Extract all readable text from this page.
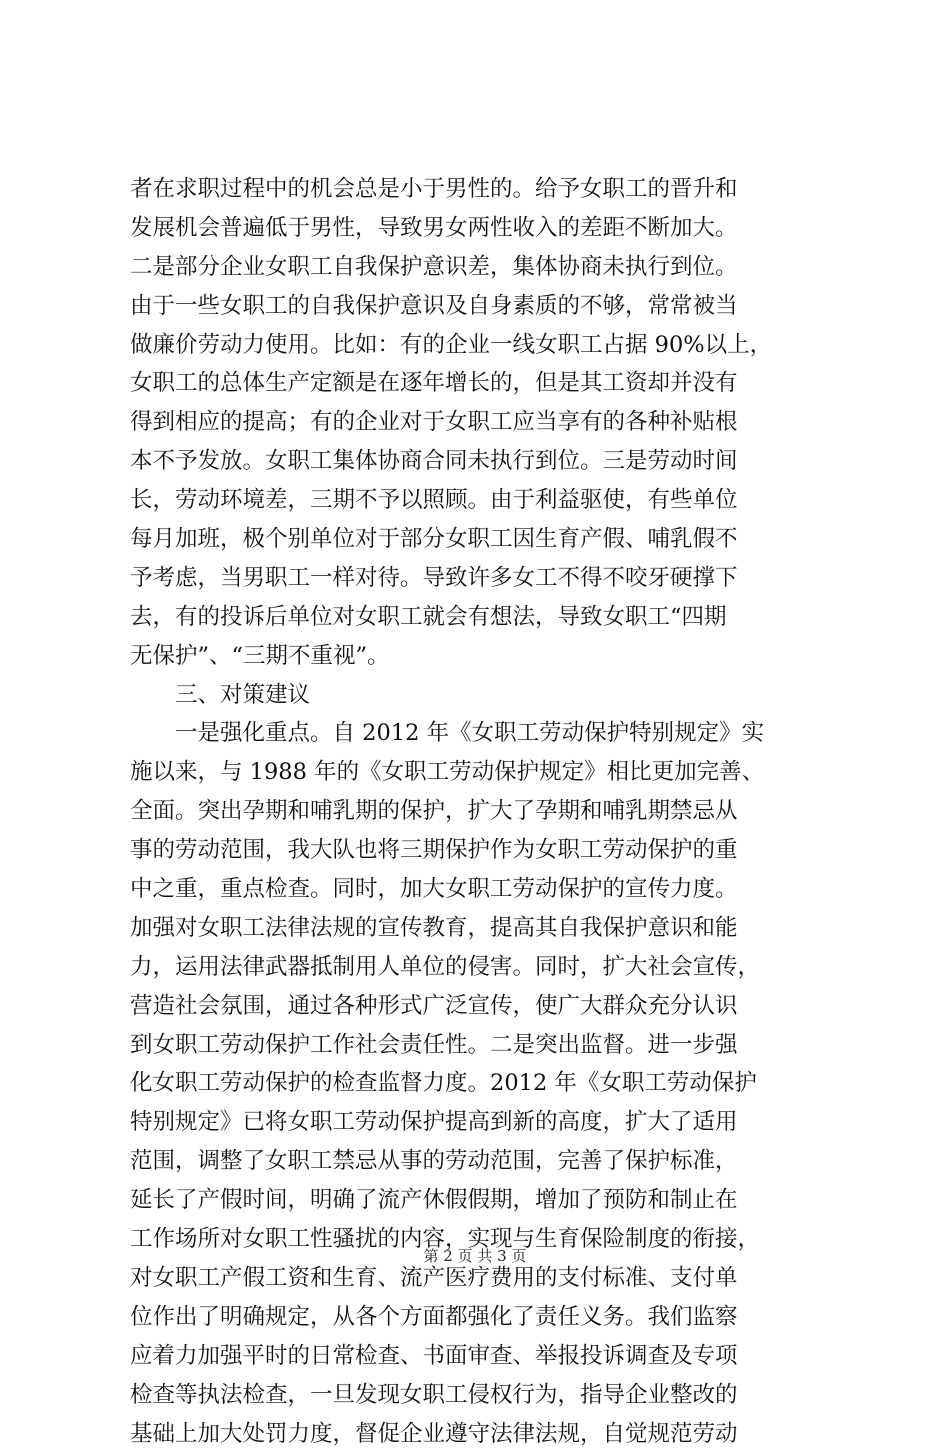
者在求职过程中的机会总是小于男性的。给予女职工的晋升和
发展机会普遍低于男性，导致男女两性收入的差距不断加大。
二是部分企业女职工自我保护意识差，集体协商未执行到位。
由于一些女职工的自我保护意识及自身素质的不够，常常被当
做廉价劳动力使用。比如：有的企业一线女职工占据 90%以上，
女职工的总体生产定额是在逐年增长的，但是其工资却并没有
得到相应的提高；有的企业对于女职工应当享有的各种补贴根
本不予发放。女职工集体协商合同未执行到位。三是劳动时间
长，劳动环境差，三期不予以照顾。由于利益驱使，有些单位
每月加班，极个别单位对于部分女职工因生育产假、哺乳假不
予考虑，当男职工一样对待。导致许多女工不得不咬牙硬撑下
去，有的投诉后单位对女职工就会有想法，导致女职工“四期
无保护”、“三期不重视”。
三、对策建议
一是强化重点。自 2012 年《女职工劳动保护特别规定》实
施以来，与 1988 年的《女职工劳动保护规定》相比更加完善、
全面。突出孕期和哺乳期的保护，扩大了孕期和哺乳期禁忌从
事的劳动范围，我大队也将三期保护作为女职工劳动保护的重
中之重，重点检查。同时，加大女职工劳动保护的宣传力度。
加强对女职工法律法规的宣传教育，提高其自我保护意识和能
力，运用法律武器抵制用人单位的侵害。同时，扩大社会宣传，
营造社会氛围，通过各种形式广泛宣传，使广大群众充分认识
到女职工劳动保护工作社会责任性。二是突出监督。进一步强
化女职工劳动保护的检查监督力度。2012 年《女职工劳动保护
特别规定》已将女职工劳动保护提高到新的高度，扩大了适用
范围，调整了女职工禁忌从事的劳动范围，完善了保护标准，
延长了产假时间，明确了流产休假假期，增加了预防和制止在
工作场所对女职工性骚扰的内容，实现与生育保险制度的衔接，
对女职工产假工资和生育、流产医疗费用的支付标准、支付单
位作出了明确规定，从各个方面都强化了责任义务。我们监察
应着力加强平时的日常检查、书面审查、举报投诉调查及专项
检查等执法检查，一旦发现女职工侵权行为，指导企业整改的
基础上加大处罚力度，督促企业遵守法律法规，自觉规范劳动
第 2 页 共 3 页
